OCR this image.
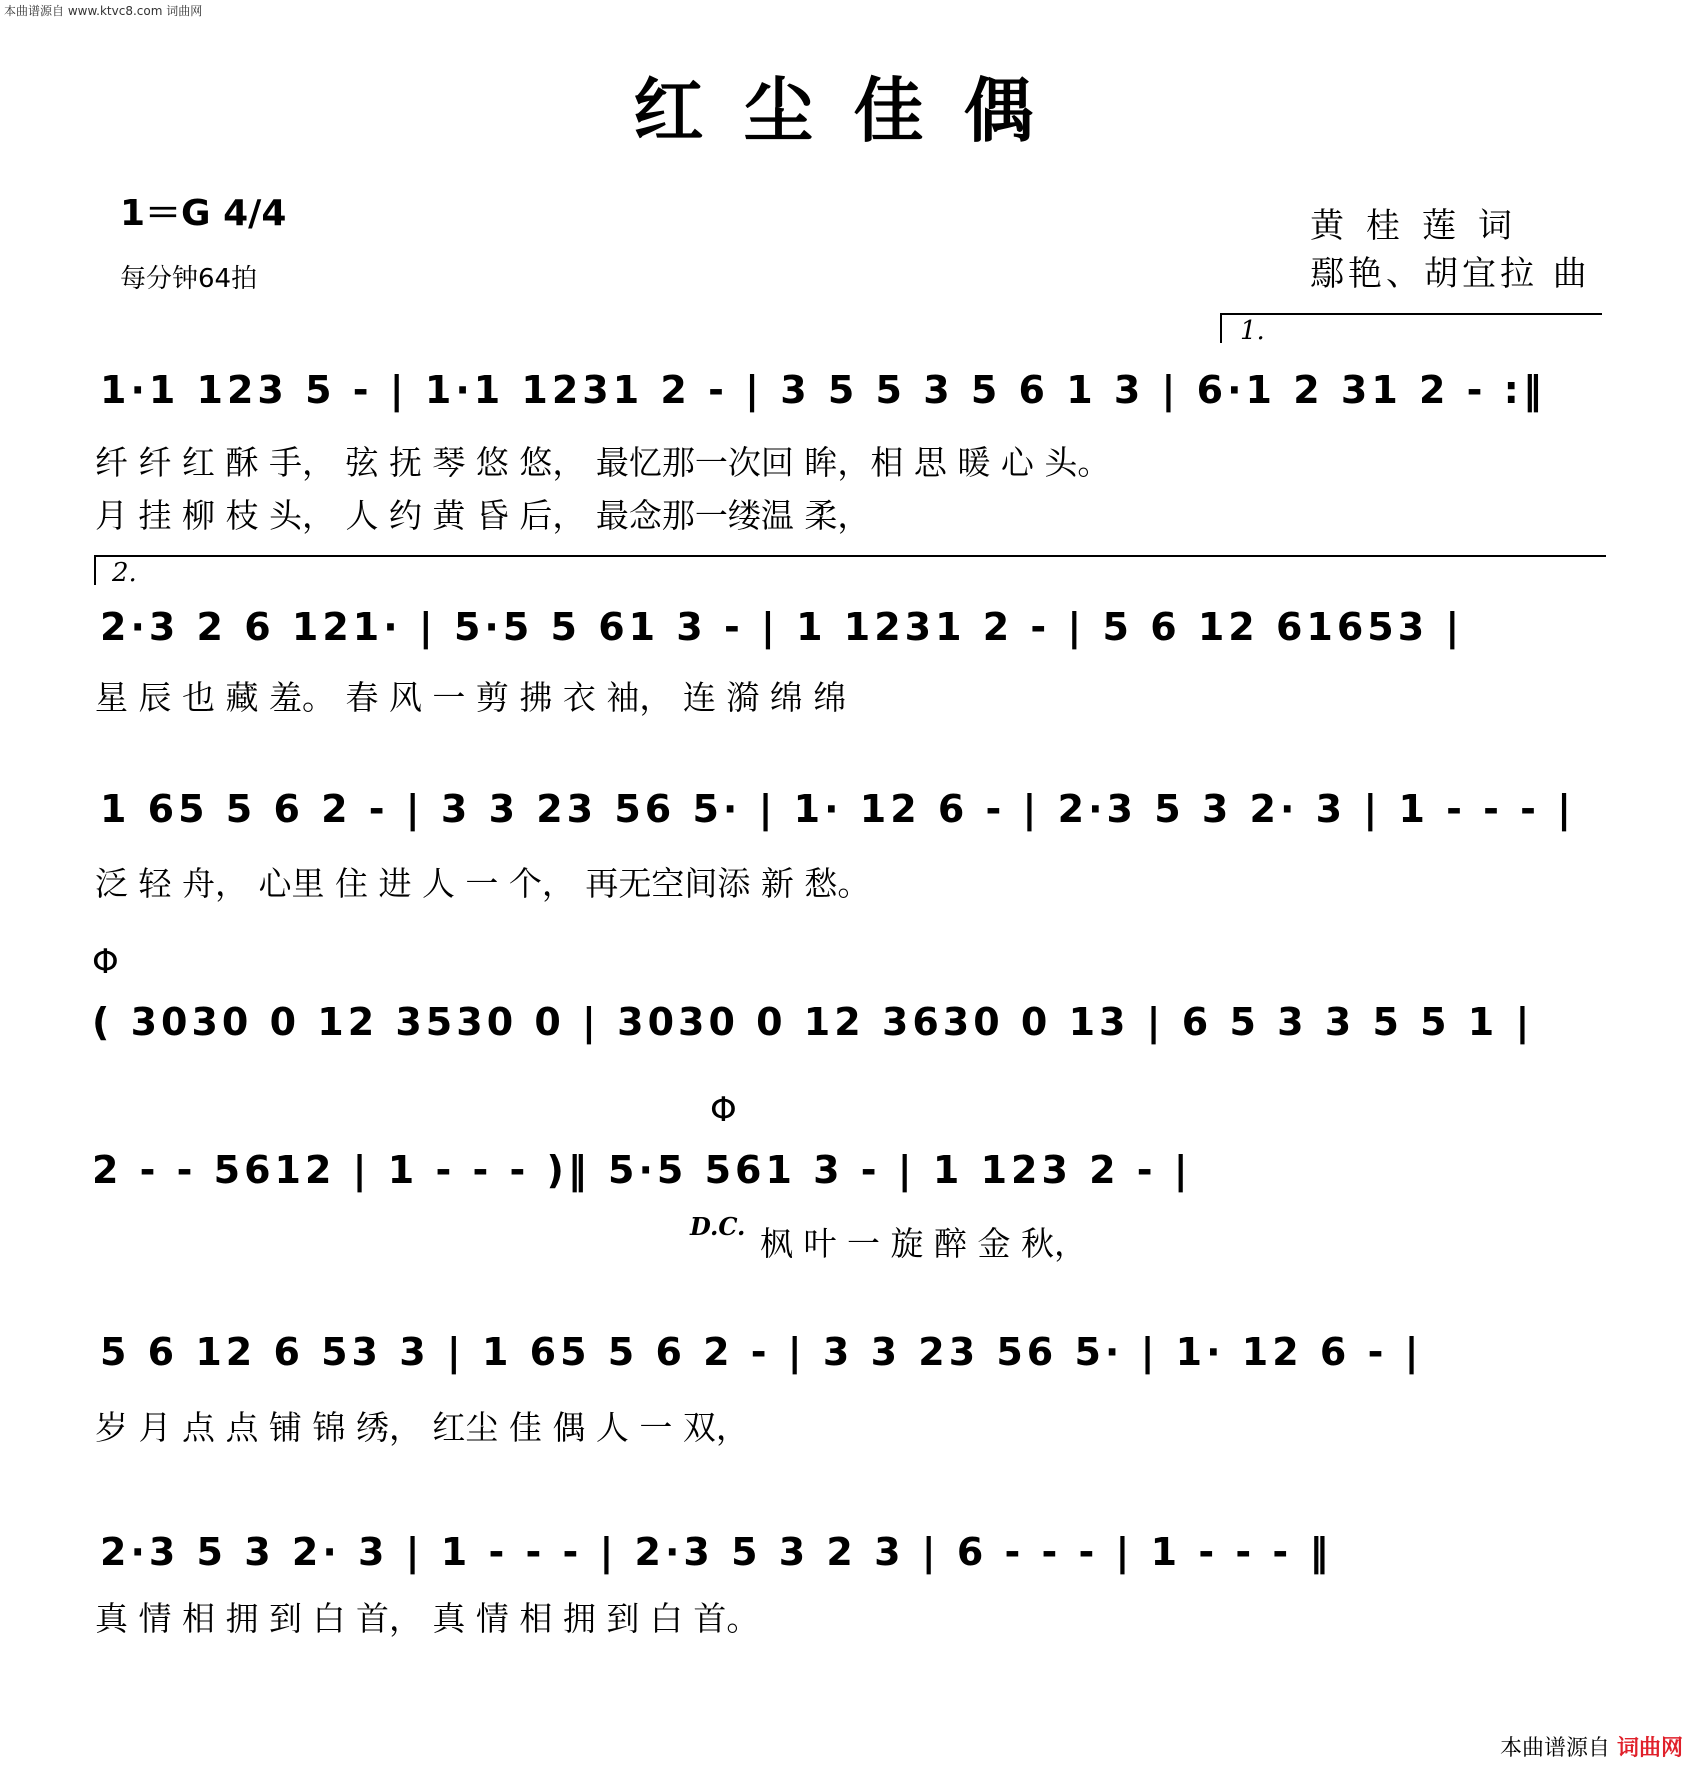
本曲谱源自 www.ktvc8.com 词曲网
红尘佳偶
1＝G 4/4
每分钟64拍
黄桂莲词
鄢艳、胡宜拉 曲
1.
1·1 123 5 - | 1·1 1231 2 - | 3 5 5 3 5 6 1 3 | 6·1 2 31 2 - :‖
纤 纤 红 酥 手， 弦 抚 琴 悠 悠， 最忆那一次回 眸，相 思 暖 心 头。
月 挂 柳 枝 头， 人 约 黄 昏 后， 最念那一缕温 柔，
2.
2·3 2 6 121· | 5·5 5 61 3 - | 1 1231 2 - | 5 6 12 61653 |
星 辰 也 藏 羞。 春 风 一 剪 拂 衣 袖， 连 漪 绵 绵
1 65 5 6 2 - | 3 3 23 56 5· | 1· 12 6 - | 2·3 5 3 2· 3 | 1 - - - |
泛 轻 舟， 心里 住 进 人 一 个， 再无空间添 新 愁。
Φ
( 3030 0 12 3530 0 | 3030 0 12 3630 0 13 | 6 5 3 3 5 5 1 |
Φ
2 - - 5612 | 1 - - - )‖ 5·5 561 3 - | 1 123 2 - |
D.C. 枫 叶 一 旋 醉 金 秋，
5 6 12 6 53 3 | 1 65 5 6 2 - | 3 3 23 56 5· | 1· 12 6 - |
岁 月 点 点 铺 锦 绣， 红尘 佳 偶 人 一 双，
2·3 5 3 2· 3 | 1 - - - | 2·3 5 3 2 3 | 6 - - - | 1 - - - ‖
真 情 相 拥 到 白 首， 真 情 相 拥 到 白 首。
本曲谱源自 词曲网
